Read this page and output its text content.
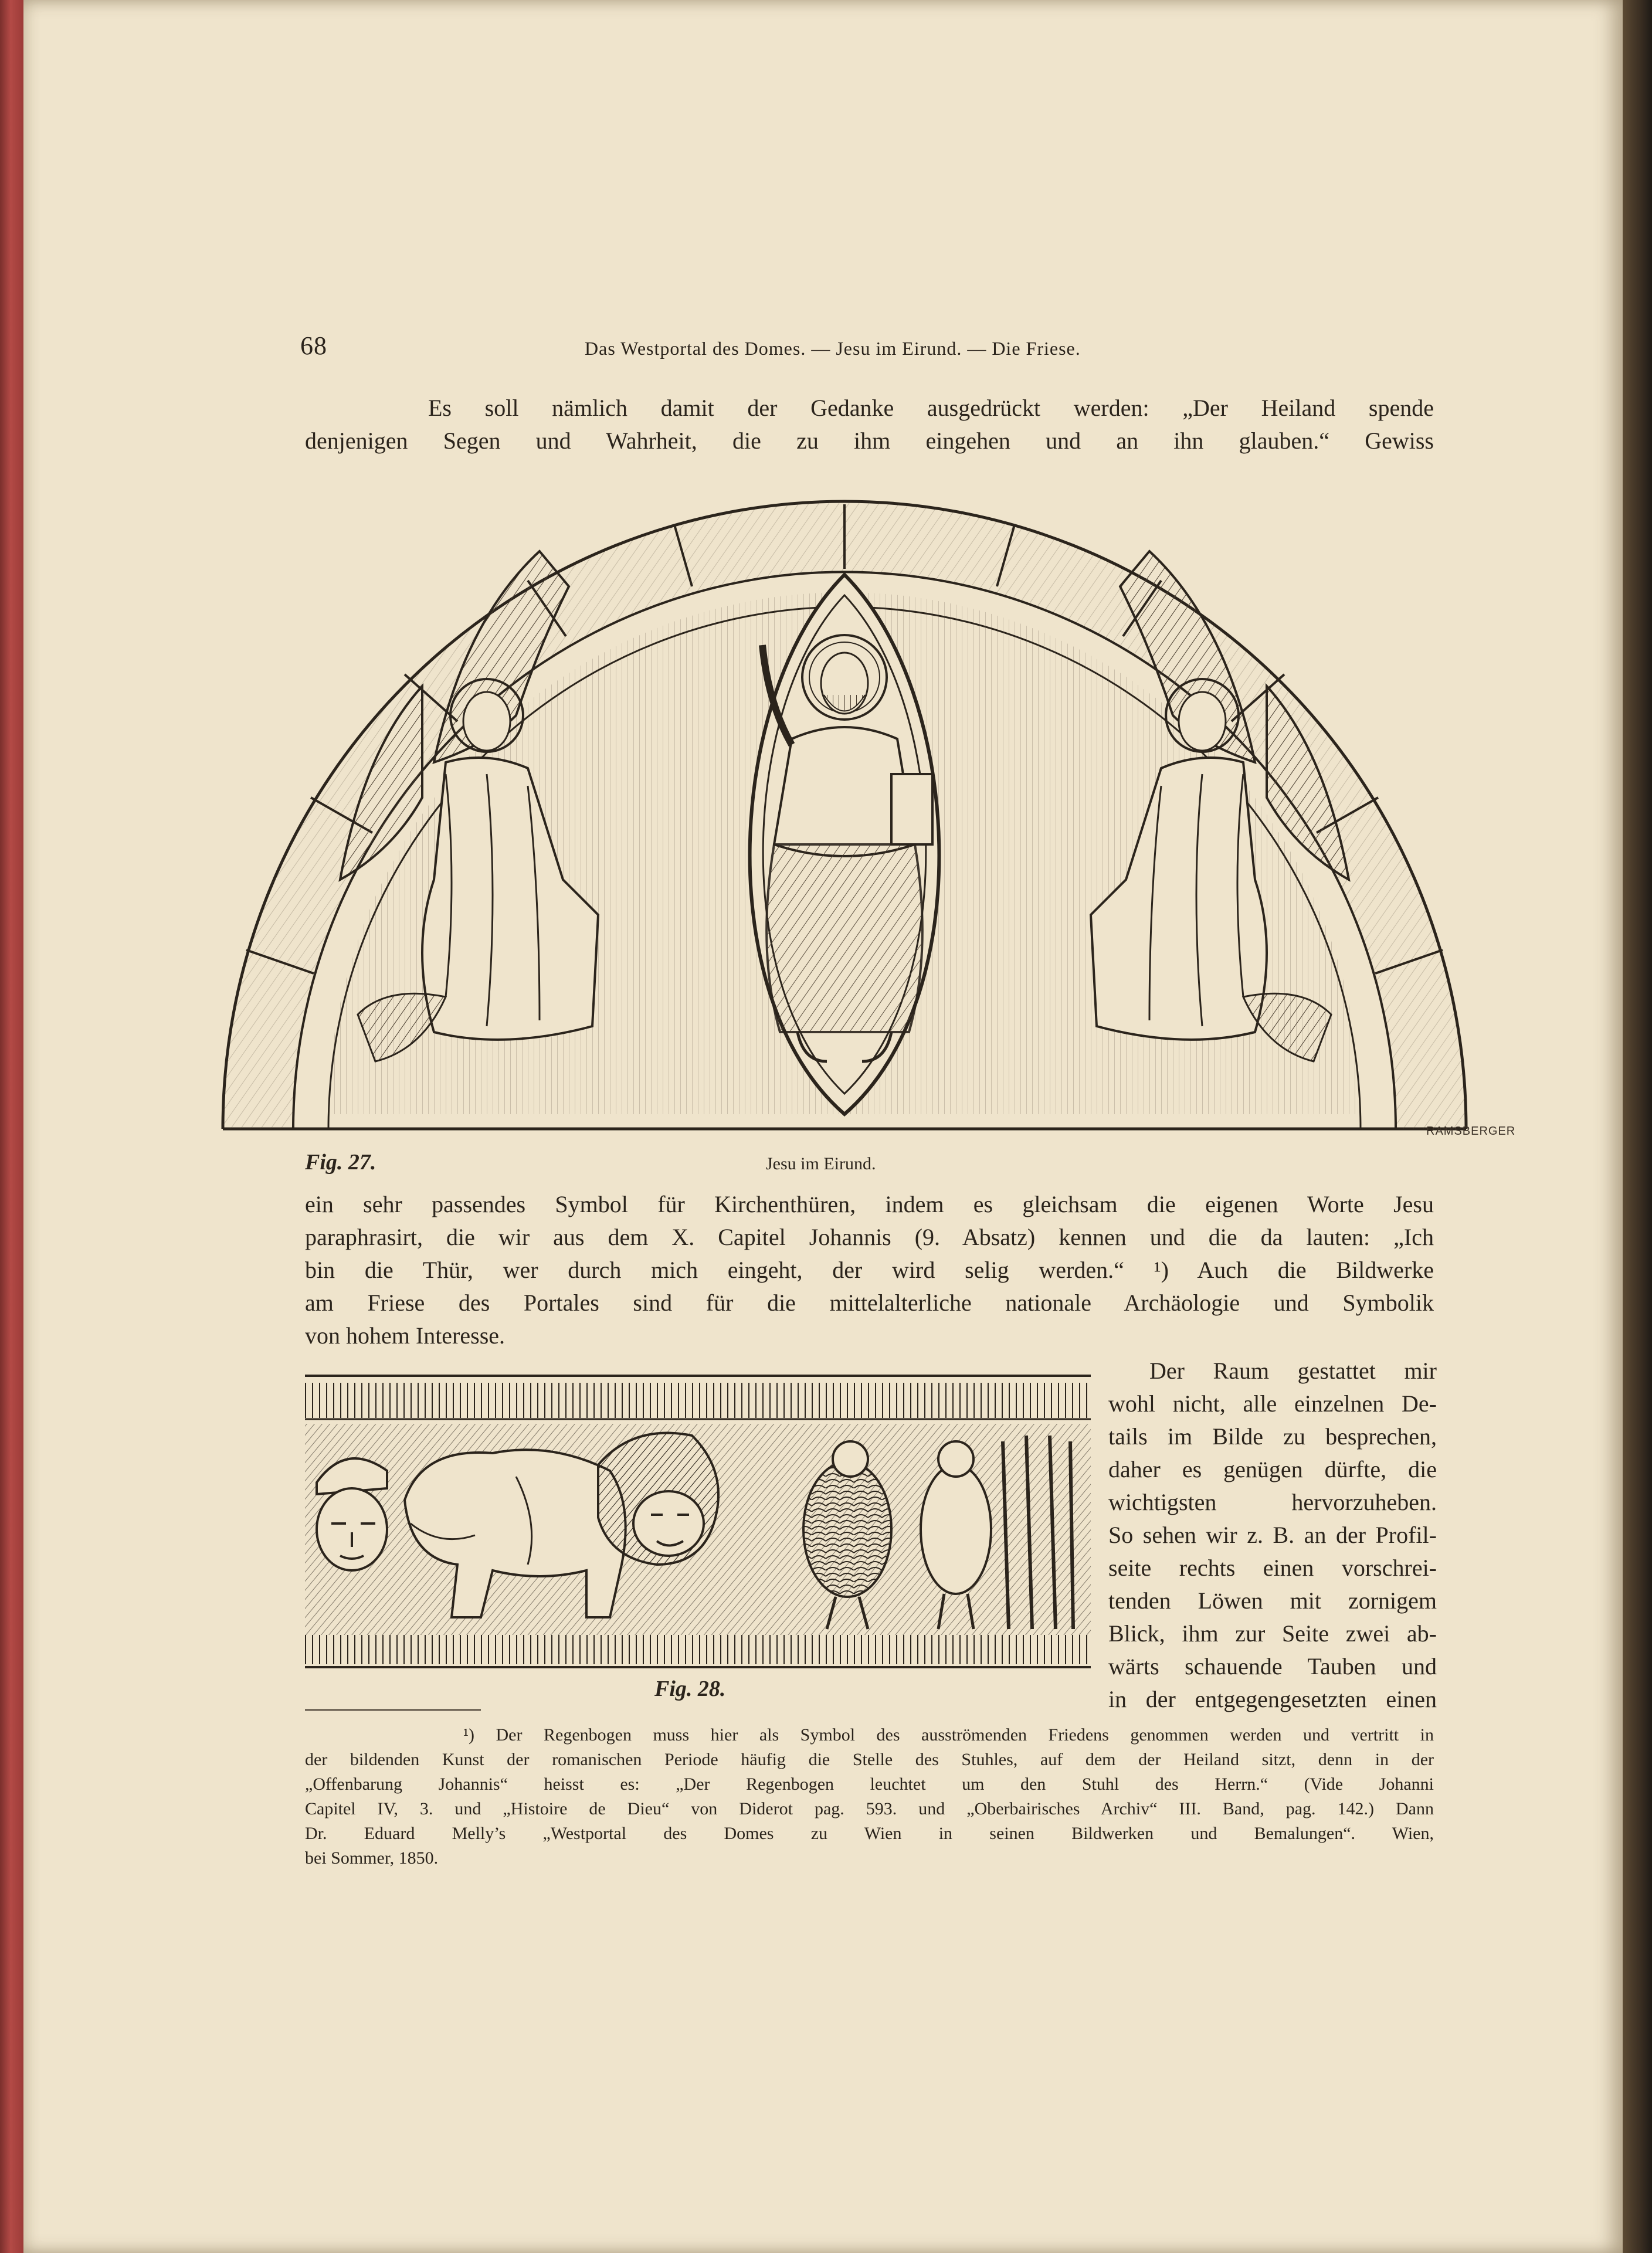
68	Das Westportal des Domes. — Jesu im Eirund. — Die Friese.
Es soll nämlich damit der Gedanke ausgedrückt werden: „Der Heiland spende
denjenigen Segen und Wahrheit, die zu ihm eingehen und an ihn glauben.“ Gewiss
RAMSBERGER
Fig. 27.	Jesu im Eirund.
ein sehr passendes Symbol für Kirchenthüren, indem es gleichsam die eigenen Worte Jesu
paraphrasirt, die wir aus dem X. Capitel Johannis (9. Absatz) kennen und die da lauten: „Ich
bin die Thür, wer durch mich eingeht, der wird selig werden.“ ¹) Auch die Bildwerke
am Friese des Portales sind für die mittelalterliche nationale Archäologie und Symbolik
von hohem Interesse.
Fig. 28.
Der Raum gestattet mir
wohl nicht, alle einzelnen De-
tails im Bilde zu besprechen,
daher es genügen dürfte, die
wichtigsten hervorzuheben.
So sehen wir z. B. an der Profil-
seite rechts einen vorschrei-
tenden Löwen mit zornigem
Blick, ihm zur Seite zwei ab-
wärts schauende Tauben und
in der entgegengesetzten einen
¹) Der Regenbogen muss hier als Symbol des ausströmenden Friedens genommen werden und vertritt in
der bildenden Kunst der romanischen Periode häufig die Stelle des Stuhles, auf dem der Heiland sitzt, denn in der
„Offenbarung Johannis“ heisst es: „Der Regenbogen leuchtet um den Stuhl des Herrn.“ (Vide Johanni
Capitel IV, 3. und „Histoire de Dieu“ von Diderot pag. 593. und „Oberbairisches Archiv“ III. Band, pag. 142.) Dann
Dr. Eduard Melly’s „Westportal des Domes zu Wien in seinen Bildwerken und Bemalungen“. Wien,
bei Sommer, 1850.
